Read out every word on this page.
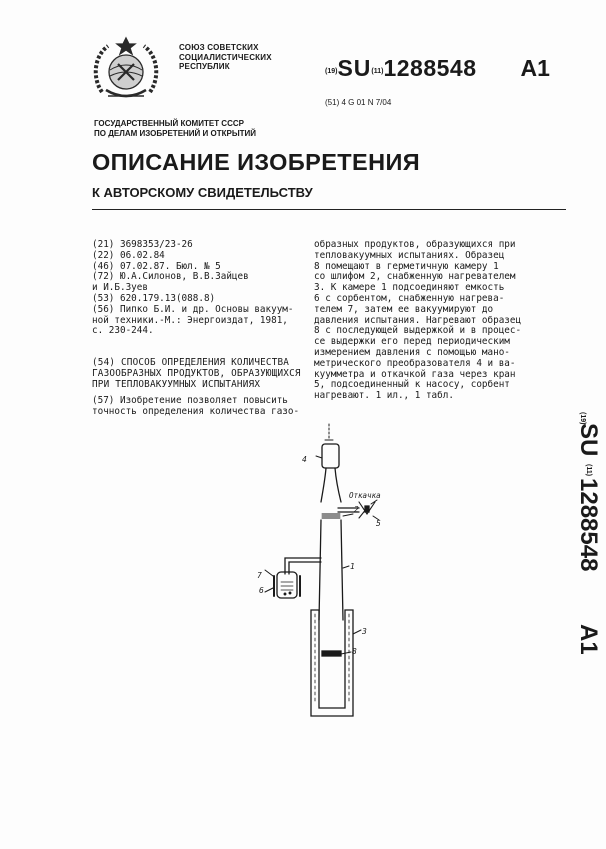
СОЮЗ СОВЕТСКИХ
СОЦИАЛИСТИЧЕСКИХ
РЕСПУБЛИК
(19)SU(11)1288548 A1
(51) 4 G 01 N 7/04
ГОСУДАРСТВЕННЫЙ КОМИТЕТ СССР
ПО ДЕЛАМ ИЗОБРЕТЕНИЙ И ОТКРЫТИЙ
ОПИСАНИЕ ИЗОБРЕТЕНИЯ
К АВТОРСКОМУ СВИДЕТЕЛЬСТВУ
(21) 3698353/23-26
(22) 06.02.84
(46) 07.02.87. Бюл. № 5
(72) Ю.А.Силонов, В.В.Зайцев
и И.Б.Зуев
(53) 620.179.13(088.8)
(56) Пипко Б.И. и др. Основы вакуум-
ной техники.-М.: Энергоиздат, 1981,
с. 230-244.
(54) СПОСОБ ОПРЕДЕЛЕНИЯ КОЛИЧЕСТВА
ГАЗООБРАЗНЫХ ПРОДУКТОВ, ОБРАЗУЮЩИХСЯ
ПРИ ТЕПЛОВАКУУМНЫХ ИСПЫТАНИЯХ
(57) Изобретение позволяет повысить
точность определения количества газо-
образных продуктов, образующихся при
тепловакуумных испытаниях. Образец
8 помещают в герметичную камеру 1
со шлифом 2, снабженную нагревателем
3. К камере 1 подсоединяют емкость
6 с сорбентом, снабженную нагрева-
телем 7, затем ее вакуумируют до
давления испытания. Нагревают образец
8 с последующей выдержкой и в процес-
се выдержки его перед периодическим
измерением давления с помощью мано-
метрического преобразователя 4 и ва-
куумметра и откачкой газа через кран
5, подсоединенный к насосу, сорбент
нагревают. 1 ил., 1 табл.
(19)
SU
(11)
1288548
A1
4
2
5
1
7
6
3
8
Откачка
